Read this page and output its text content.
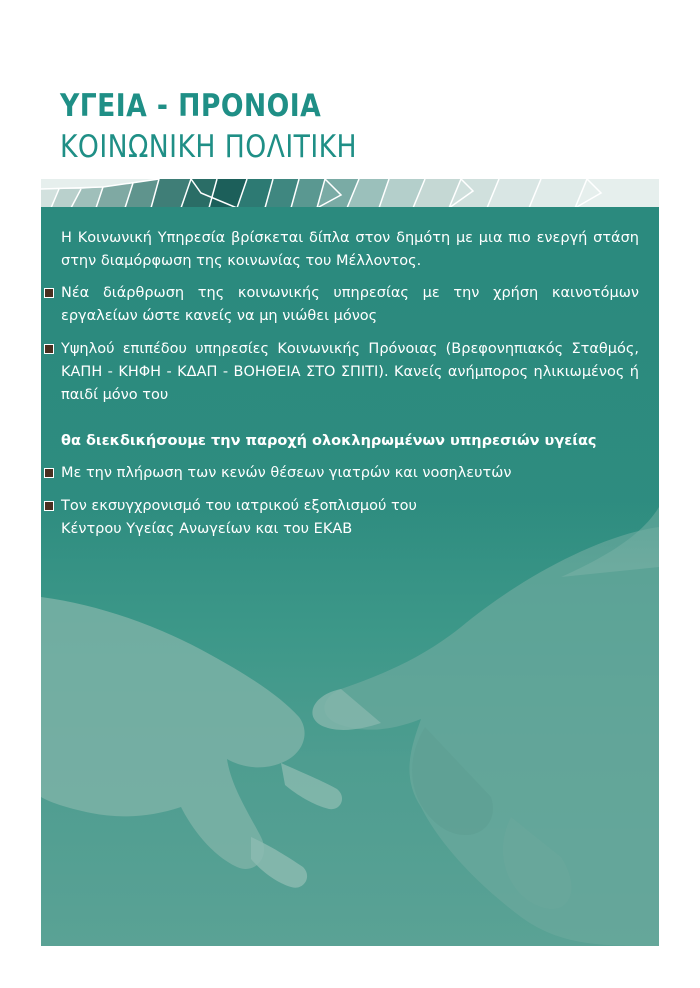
ΥΓΕΙΑ - ΠΡΟΝΟΙΑ
ΚΟΙΝΩΝΙΚΗ ΠΟΛΙΤΙΚΗ

Η Κοινωνική Υπηρεσία βρίσκεται δίπλα στον δημότη με μια πιο ενεργή στάση στην διαμόρφωση της κοινωνίας του Μέλλοντος.

Νέα διάρθρωση της κοινωνικής υπηρεσίας με την χρήση καινοτόμων εργαλείων ώστε κανείς να μη νιώθει μόνος
Υψηλού επιπέδου υπηρεσίες Κοινωνικής Πρόνοιας (Βρεφονηπιακός Σταθμός, ΚΑΠΗ - ΚΗΦΗ - ΚΔΑΠ - ΒΟΗΘΕΙΑ ΣΤΟ ΣΠΙΤΙ). Κανείς ανήμπορος ηλικιωμένος ή παιδί μόνο του

θα διεκδικήσουμε την παροχή ολοκληρωμένων υπηρεσιών υγείας

Με την πλήρωση των κενών θέσεων γιατρών και νοσηλευτών
Τον εκσυγχρονισμό του ιατρικού εξοπλισμού του Κέντρου Υγείας Ανωγείων και του ΕΚΑΒ
